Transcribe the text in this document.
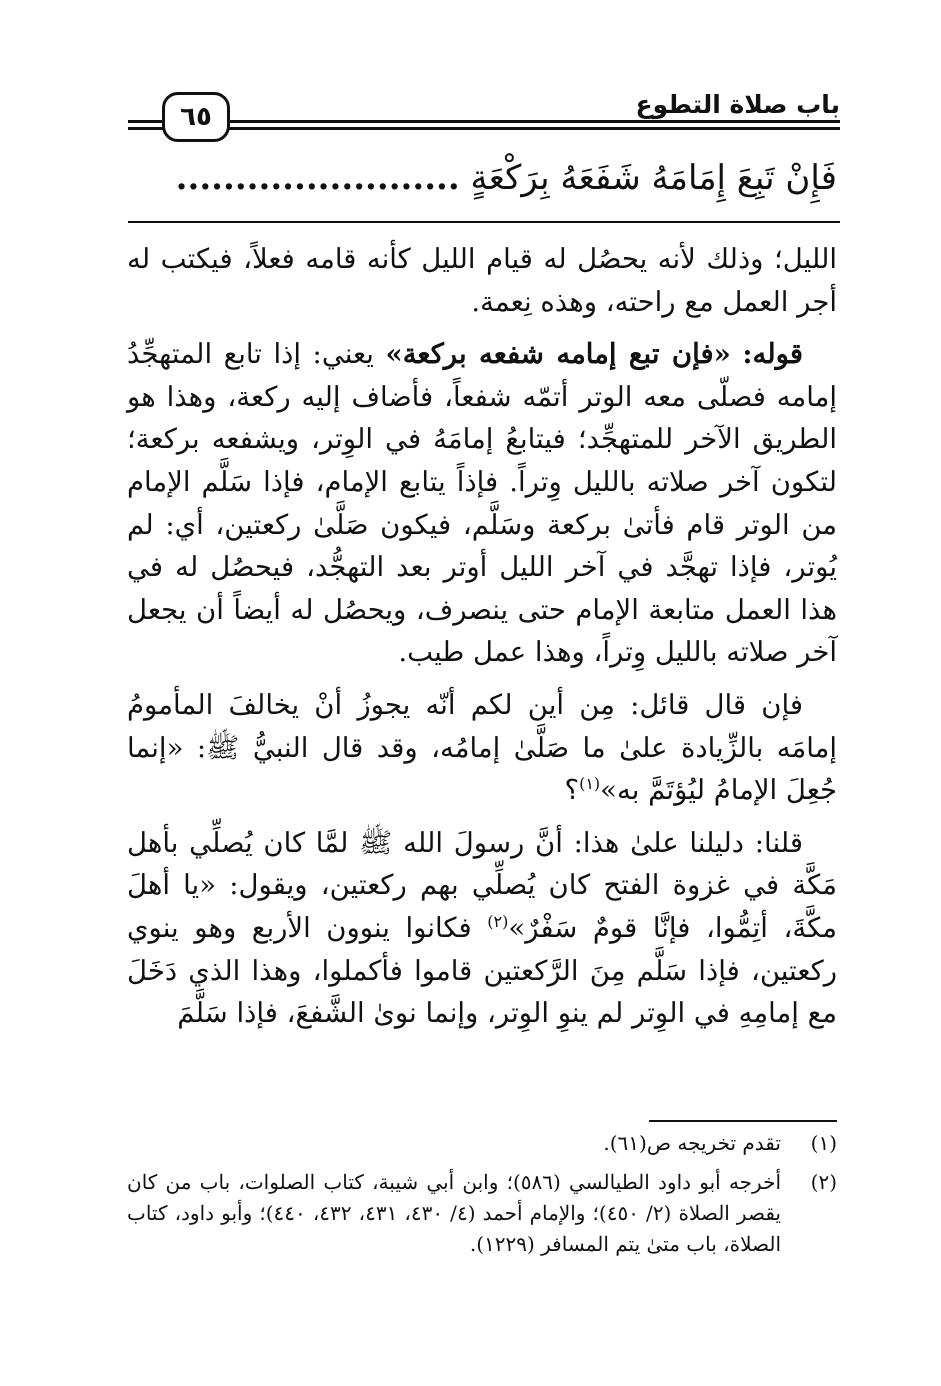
باب صلاة التطوع
٦٥
فَإِنْ تَبِعَ إِمَامَهُ شَفَعَهُ بِرَكْعَةٍ ........................

الليل؛ وذلك لأنه يحصُل له قيام الليل كأنه قامه فعلاً، فيكتب له أجر العمل مع راحته، وهذه نِعمة.

قوله: «فإن تبع إمامه شفعه بركعة» يعني: إذا تابع المتهجِّدُ إمامه فصلّى معه الوتر أتمّه شفعاً، فأضاف إليه ركعة، وهذا هو الطريق الآخر للمتهجِّد؛ فيتابعُ إمامَهُ في الوِتر، ويشفعه بركعة؛ لتكون آخر صلاته بالليل وِتراً. فإذاً يتابع الإمام، فإذا سَلَّم الإمام من الوتر قام فأتىٰ بركعة وسَلَّم، فيكون صَلَّىٰ ركعتين، أي: لم يُوتر، فإذا تهجَّد في آخر الليل أوتر بعد التهجُّد، فيحصُل له في هذا العمل متابعة الإمام حتى ينصرف، ويحصُل له أيضاً أن يجعل آخر صلاته بالليل وِتراً، وهذا عمل طيب.

فإن قال قائل: مِن أين لكم أنّه يجوزُ أنْ يخالفَ المأمومُ إمامَه بالزِّيادة علىٰ ما صَلَّىٰ إمامُه، وقد قال النبيُّ ﷺ: «إنما جُعِلَ الإمامُ ليُؤتَمَّ به»$^{(١)}$؟

قلنا: دليلنا علىٰ هذا: أنَّ رسولَ الله ﷺ لمَّا كان يُصلِّي بأهل مَكَّة في غزوة الفتح كان يُصلِّي بهم ركعتين، ويقول: «يا أهلَ مكَّةَ، أتِمُّوا، فإنَّا قومٌ سَفْرٌ»$^{(٢)}$ فكانوا ينوون الأربع وهو ينوي ركعتين، فإذا سَلَّم مِنَ الرَّكعتين قاموا فأكملوا، وهذا الذي دَخَلَ مع إمامِهِ في الوِتر لم ينوِ الوِتر، وإنما نوىٰ الشَّفعَ، فإذا سَلَّمَ

(١)
تقدم تخريجه ص(٦١).
(٢)
أخرجه أبو داود الطيالسي (٥٨٦)؛ وابن أبي شيبة، كتاب الصلوات، باب من كان يقصر الصلاة (٢/ ٤٥٠)؛ والإمام أحمد (٤/ ٤٣٠، ٤٣١، ٤٣٢، ٤٤٠)؛ وأبو داود، كتاب الصلاة، باب متىٰ يتم المسافر (١٢٢٩).
